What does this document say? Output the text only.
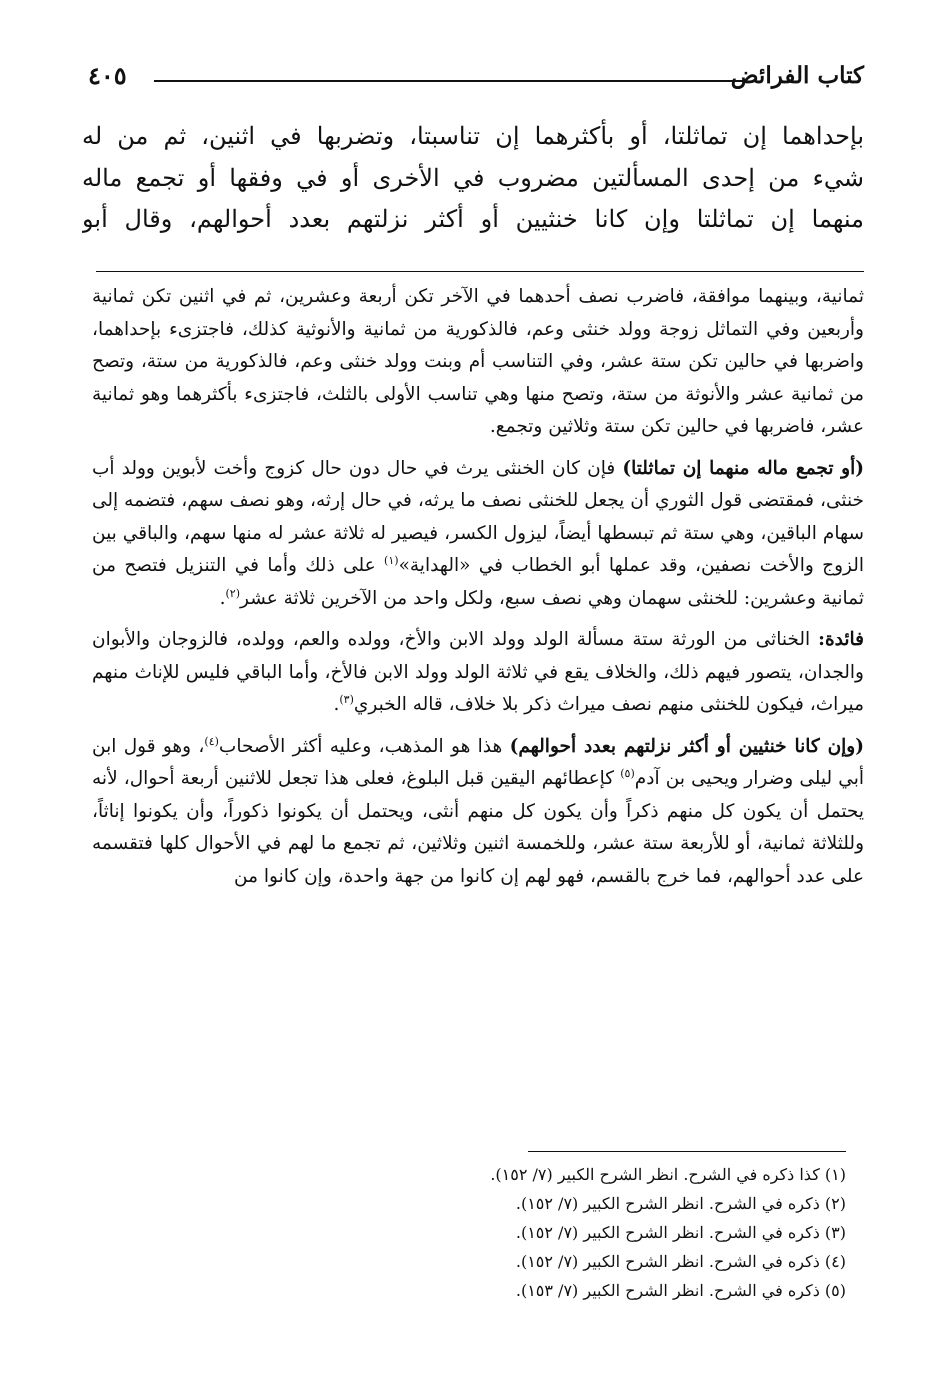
كتاب الفرائض
٤٠٥
بإحداهما إن تماثلتا، أو بأكثرهما إن تناسبتا، وتضربها في اثنين، ثم من له
شيء من إحدى المسألتين مضروب في الأخرى أو في وفقها أو تجمع ماله
منهما إن تماثلتا وإن كانا خنثيين أو أكثر نزلتهم بعدد أحوالهم، وقال أبو

ثمانية، وبينهما موافقة، فاضرب نصف أحدهما في الآخر تكن أربعة وعشرين، ثم في اثنين تكن ثمانية وأربعين وفي التماثل زوجة وولد خنثى وعم، فالذكورية من ثمانية والأنوثية كذلك، فاجتزىء بإحداهما، واضربها في حالين تكن ستة عشر، وفي التناسب أم وبنت وولد خنثى وعم، فالذكورية من ستة، وتصح من ثمانية عشر والأنوثة من ستة، وتصح منها وهي تناسب الأولى بالثلث، فاجتزىء بأكثرهما وهو ثمانية عشر، فاضربها في حالين تكن ستة وثلاثين وتجمع.

(أو تجمع ماله منهما إن تماثلتا) فإن كان الخنثى يرث في حال دون حال كزوج وأخت لأبوين وولد أب خنثى، فمقتضى قول الثوري أن يجعل للخنثى نصف ما يرثه، في حال إرثه، وهو نصف سهم، فتضمه إلى سهام الباقين، وهي ستة ثم تبسطها أيضاً، ليزول الكسر، فيصير له ثلاثة عشر له منها سهم، والباقي بين الزوج والأخت نصفين، وقد عملها أبو الخطاب في «الهداية»$^{(١)}$ على ذلك وأما في التنزيل فتصح من ثمانية وعشرين: للخنثى سهمان وهي نصف سبع، ولكل واحد من الآخرين ثلاثة عشر$^{(٢)}$.

فائدة: الخناثى من الورثة ستة مسألة الولد وولد الابن والأخ، وولده والعم، وولده، فالزوجان والأبوان والجدان، يتصور فيهم ذلك، والخلاف يقع في ثلاثة الولد وولد الابن فالأخ، وأما الباقي فليس للإناث منهم ميراث، فيكون للخنثى منهم نصف ميراث ذكر بلا خلاف، قاله الخبري$^{(٣)}$.

(وإن كانا خنثيين أو أكثر نزلتهم بعدد أحوالهم) هذا هو المذهب، وعليه أكثر الأصحاب$^{(٤)}$، وهو قول ابن أبي ليلى وضرار ويحيى بن آدم$^{(٥)}$ كإعطائهم اليقين قبل البلوغ، فعلى هذا تجعل للاثنين أربعة أحوال، لأنه يحتمل أن يكون كل منهم ذكراً وأن يكون كل منهم أنثى، ويحتمل أن يكونوا ذكوراً، وأن يكونوا إناثاً، وللثلاثة ثمانية، أو للأربعة ستة عشر، وللخمسة اثنين وثلاثين، ثم تجمع ما لهم في الأحوال كلها فتقسمه على عدد أحوالهم، فما خرج بالقسم، فهو لهم إن كانوا من جهة واحدة، وإن كانوا من

(١) كذا ذكره في الشرح. انظر الشرح الكبير (٧/ ١٥٢).
(٢) ذكره في الشرح. انظر الشرح الكبير (٧/ ١٥٢).
(٣) ذكره في الشرح. انظر الشرح الكبير (٧/ ١٥٢).
(٤) ذكره في الشرح. انظر الشرح الكبير (٧/ ١٥٢).
(٥) ذكره في الشرح. انظر الشرح الكبير (٧/ ١٥٣).
